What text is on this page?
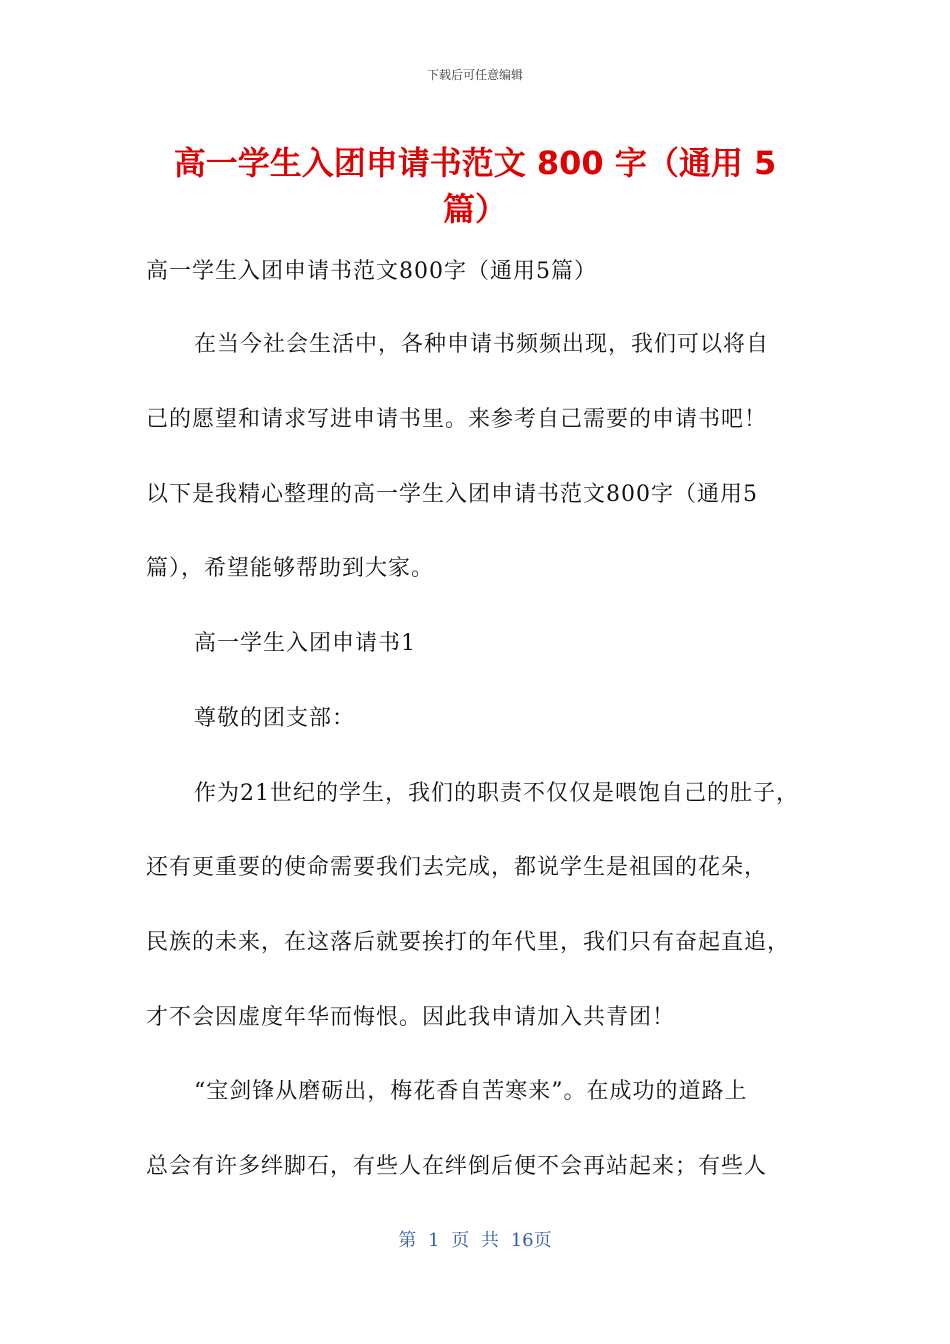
下载后可任意编辑
高一学生入团申请书范文 800 字（通用 5
篇）
高一学生入团申请书范文800字（通用5篇）
在当今社会生活中，各种申请书频频出现，我们可以将自
己的愿望和请求写进申请书里。来参考自己需要的申请书吧！
以下是我精心整理的高一学生入团申请书范文800字（通用5
篇），希望能够帮助到大家。
高一学生入团申请书1
尊敬的团支部：
作为21世纪的学生，我们的职责不仅仅是喂饱自己的肚子，
还有更重要的使命需要我们去完成，都说学生是祖国的花朵，
民族的未来，在这落后就要挨打的年代里，我们只有奋起直追，
才不会因虚度年华而悔恨。因此我申请加入共青团！
“宝剑锋从磨砺出，梅花香自苦寒来”。在成功的道路上
总会有许多绊脚石，有些人在绊倒后便不会再站起来；有些人
第 1 页 共 16页
